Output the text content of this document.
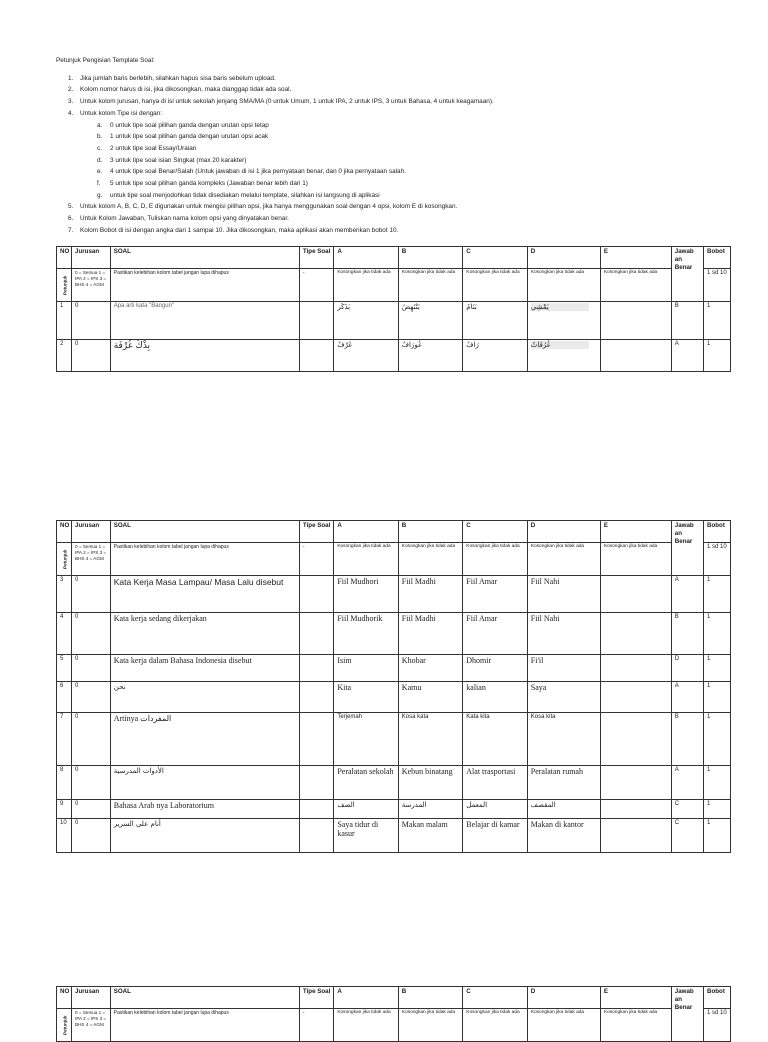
Petunjuk Pengisian Template Soal:
1.	Jika jumlah baris berlebih, silahkan hapus sisa baris sebelum upload.
2.	Kolom nomor harus di isi, jika dikosongkan, maka dianggap tidak ada soal.
3.	Untuk kolom jurusan, hanya di isi untuk sekolah jenjang SMA/MA (0 untuk Umum, 1 untuk IPA, 2 untuk IPS, 3 untuk Bahasa, 4 untuk keagamaan).
4.	Untuk kolom Tipe isi dengan:
a. 0 untuk tipe soal pilihan ganda dengan urutan opsi tetap
b. 1 untuk tipe soal pilihan ganda dengan urutan opsi acak
c. 2 untuk tipe soal Essay/Uraian
d. 3 untuk tipe soal isian Singkat (max 20 karakter)
e. 4 untuk tipe soal Benar/Salah (Untuk jawaban di isi 1 jika pernyataan benar, dan 0 jika pernyataan salah.
f. 5 untuk tipe soal pilihan ganda kompleks (Jawaban benar lebih dari 1)
g. untuk tipe soal menjodohkan tidak disediakan melalui template, silahkan isi langsung di aplikasi
5.	Untuk kolom A, B, C, D, E digunakan untuk mengisi pilihan opsi, jika hanya menggunakan soal dengan 4 opsi, kolom E di kosongkan.
6.	Untuk Kolom Jawaban, Tuliskan nama kolom opsi yang dinyatakan benar.
7.	Kolom Bobot di isi dengan angka dari 1 sampai 10. Jika dikosongkan, maka aplikasi akan memberikan bobot 10.
NO	Jurusan	SOAL	Tipe Soal	A	B	C	D	E	Jawab an Benar	Bobot

Petunjuk	0 = Semua 1 = IPA 2 = IPS 3 = BHS 4 = AGM	Pastikan kelebihan kolom tabel jangan lupa dihapus	-	Kosongkan jika tidak ada	Kosongkan jika tidak ada	Kosongkan jika tidak ada	Kosongkan jika tidak ada	Kosongkan jika tidak ada		1 sd 10
1	0	Apa arti kata "Bangun"		بَذَكَر	بَنْتَهِضُ	بَنَامُ	يَمْشِي		B	1
2	0	بِذْكُ غُرْفَة		غَرْفٌ	غُورَافٌ	رَافٌ	غُرُفَاتٌ		A	1
NO	Jurusan	SOAL	Tipe Soal	A	B	C	D	E	Jawab an Benar	Bobot

Petunjuk	0 = Semua 1 = IPA 2 = IPS 3 = BHS 4 = AGM	Pastikan kelebihan kolom tabel jangan lupa dihapus	-	Kosongkan jika tidak ada	Kosongkan jika tidak ada	Kosongkan jika tidak ada	Kosongkan jika tidak ada	Kosongkan jika tidak ada		1 sd 10
3	0	Kata Kerja Masa Lampau/ Masa Lalu disebut		Fiil Mudhori	Fiil Madhi	Fiil Amar	Fiil Nahi		A	1
4	0	Kata kerja sedang dikerjakan		Fiil Mudhorik	Fiil Madhi	Fiil Amar	Fiil Nahi		B	1
5	0	Kata kerja dalam Bahasa Indonesia disebut		Isim	Khobar	Dhomir	Fi'il		D	1
6	0	نحن		Kita	Kamu	kalian	Saya		A	1
7	0	Artinya المفردات		Terjemah	Kosa kata	Kata kita	Kosa kita		B	1
8	0	الأدوات المدرسية		Peralatan sekolah	Kebun binatang	Alat trasportasi	Peralatan rumah		A	1
9	0	Bahasa Arab nya Laboratorium		الصف	المدرسة	المعمل	المقصف		C	1
10	0	أنام على السرير		Saya tidur di kasur	Makan malam	Belajar di kamar	Makan di kantor		C	1
NO	Jurusan	SOAL	Tipe Soal	A	B	C	D	E	Jawab an Benar	Bobot

Petunjuk	0 = Semua 1 = IPA 2 = IPS 3 = BHS 4 = AGM	Pastikan kelebihan kolom tabel jangan lupa dihapus	-	Kosongkan jika tidak ada	Kosongkan jika tidak ada	Kosongkan jika tidak ada	Kosongkan jika tidak ada	Kosongkan jika tidak ada		1 sd 10
